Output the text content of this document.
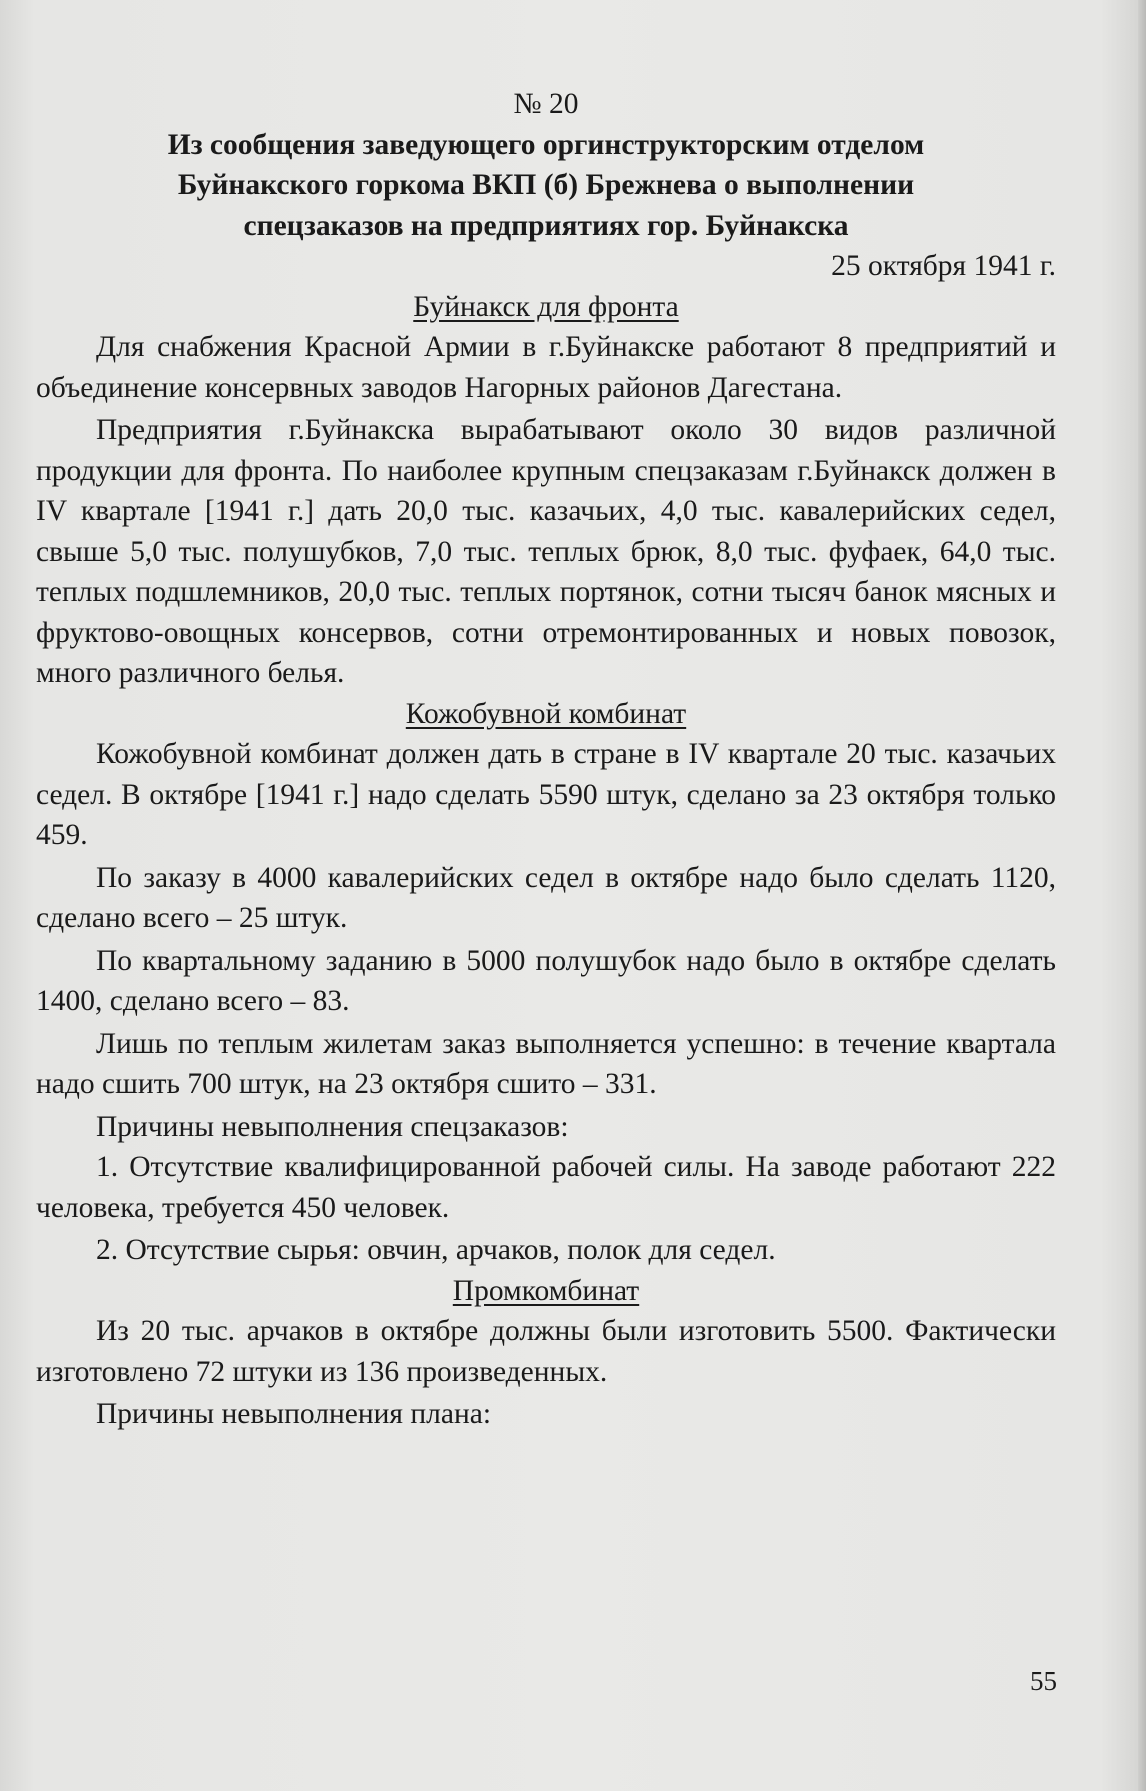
№ 20
Из сообщения заведующего оргинструкторским отделом
Буйнакского горкома ВКП (б) Брежнева о выполнении
спецзаказов на предприятиях гор. Буйнакска
25 октября 1941 г.
Буйнакск для фронта

Для снабжения Красной Армии в г.Буйнакске работают 8 предприятий и объединение консервных заводов Нагорных районов Дагестана.

Предприятия г.Буйнакска вырабатывают около 30 видов различной продукции для фронта. По наиболее крупным спецзаказам г.Буйнакск должен в IV квартале [1941 г.] дать 20,0 тыс. казачьих, 4,0 тыс. кавалерийских седел, свыше 5,0 тыс. полушубков, 7,0 тыс. теплых брюк, 8,0 тыс. фуфаек, 64,0 тыс. теплых подшлемников, 20,0 тыс. теплых портянок, сотни тысяч банок мясных и фруктово-овощных консервов, сотни отремонтированных и новых повозок, много различного белья.

Кожобувной комбинат

Кожобувной комбинат должен дать в стране в IV квартале 20 тыс. казачьих седел. В октябре [1941 г.] надо сделать 5590 штук, сделано за 23 октября только 459.

По заказу в 4000 кавалерийских седел в октябре надо было сделать 1120, сделано всего – 25 штук.

По квартальному заданию в 5000 полушубок надо было в октябре сделать 1400, сделано всего – 83.

Лишь по теплым жилетам заказ выполняется успешно: в течение квартала надо сшить 700 штук, на 23 октября сшито – 331.

Причины невыполнения спецзаказов:

1. Отсутствие квалифицированной рабочей силы. На заводе работают 222 человека, требуется 450 человек.

2. Отсутствие сырья: овчин, арчаков, полок для седел.

Промкомбинат

Из 20 тыс. арчаков в октябре должны были изготовить 5500. Фактически изготовлено 72 штуки из 136 произведенных.

Причины невыполнения плана:

55
